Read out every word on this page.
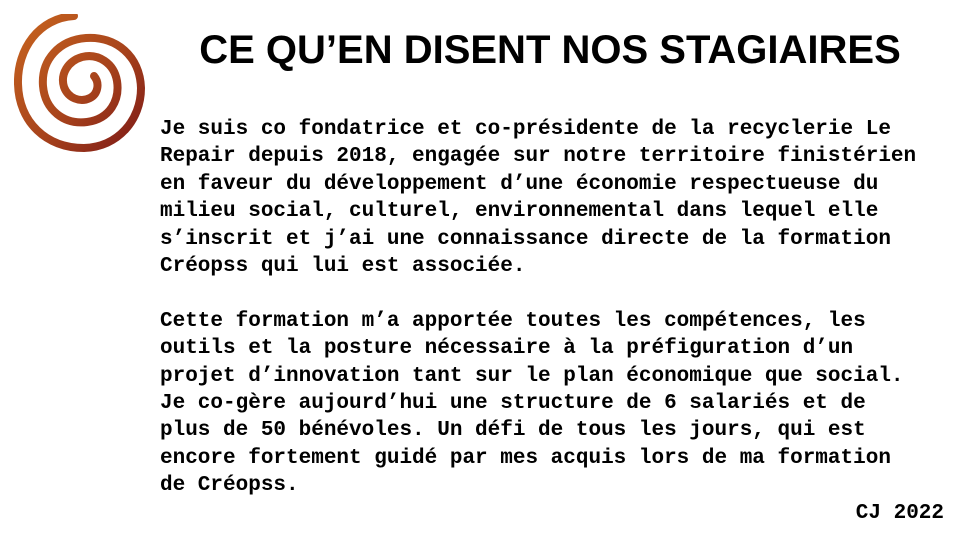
CE QU’EN DISENT NOS STAGIAIRES

Je suis co fondatrice et co-présidente de la recyclerie Le
Repair depuis 2018, engagée sur notre territoire finistérien
en faveur du développement d’une économie respectueuse du
milieu social, culturel, environnemental dans lequel elle
s’inscrit et j’ai une connaissance directe de la formation
Créopss qui lui est associée.

Cette formation m’a apportée toutes les compétences, les
outils et la posture nécessaire à la préfiguration d’un
projet d’innovation tant sur le plan économique que social.
Je co-gère aujourd’hui une structure de 6 salariés et de
plus de 50 bénévoles. Un défi de tous les jours, qui est
encore fortement guidé par mes acquis lors de ma formation
de Créopss.

CJ 2022
